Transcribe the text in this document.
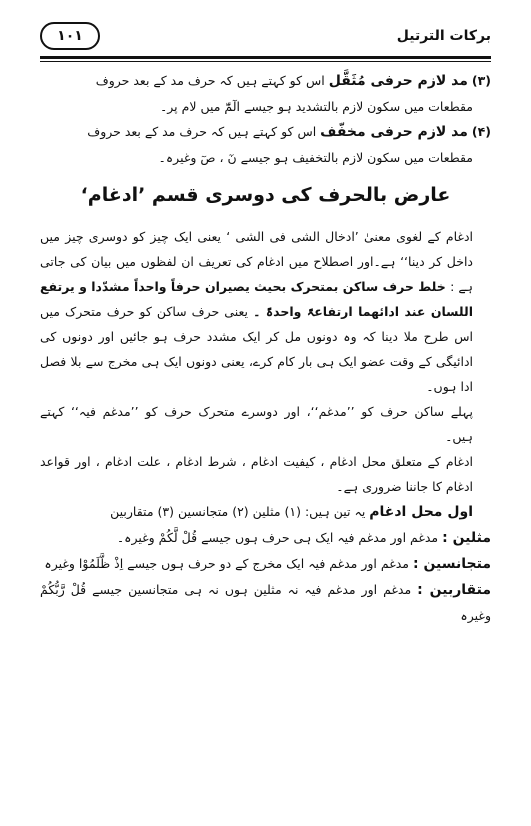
برکات الترتیل
۱۰۱

(۳) مد لازم حرفی مُثَقَّل اس کو کہتے ہیں کہ حرف مد کے بعد حروف

مقطعات میں سکون لازم بالتشدید ہو جیسے الٓمّٓ میں لام پر۔

(۴) مد لازم حرفی مخفّف اس کو کہتے ہیں کہ حرف مد کے بعد حروف

مقطعات میں سکون لازم بالتخفیف ہو جیسے نٓ ، صٓ وغیرہ۔

عارض بالحرف کی دوسری قسم ’ادغام‘

ادغام کے لغوی معنیٰ ’ادخال الشی فی الشی ‘ یعنی ایک چیز کو دوسری چیز میں داخل کر دینا‘‘ ہے۔اور اصطلاح میں ادغام کی تعریف ان لفظوں میں بیان کی جاتی ہے : خلط حرف ساکن بمتحرک بحیث یصیران حرفاً واحداً مشدّدا و یرتفع اللسان عند ادائھما ارتفاعۃً واحدۃً ۔ یعنی حرف ساکن کو حرف متحرک میں اس طرح ملا دینا کہ وہ دونوں مل کر ایک مشدد حرف ہو جائیں اور دونوں کی ادائیگی کے وقت عضو ایک ہی بار کام کرے، یعنی دونوں ایک ہی مخرج سے بلا فصل ادا ہوں۔

پہلے ساکن حرف کو ’’مدغم‘‘، اور دوسرے متحرک حرف کو ’’مدغم فیہ‘‘ کہتے ہیں۔

ادغام کے متعلق محل ادغام ، کیفیت ادغام ، شرط ادغام ، علت ادغام ، اور قواعد ادغام کا جاننا ضروری ہے۔

اول محل ادغام یہ تین ہیں: (۱) مثلین (۲) متجانسین (۳) متقاربین

مثلین : مدغم اور مدغم فیہ ایک ہی حرف ہوں جیسے قُلْ لَّکُمْ وغیرہ۔

متجانسین : مدغم اور مدغم فیہ ایک مخرج کے دو حرف ہوں جیسے اِذْ ظَّلَمُوْا وغیرہ

متقاربین : مدغم اور مدغم فیہ نہ مثلین ہوں نہ ہی متجانسین جیسے قُلْ رَّبُّکُمْ وغیرہ
